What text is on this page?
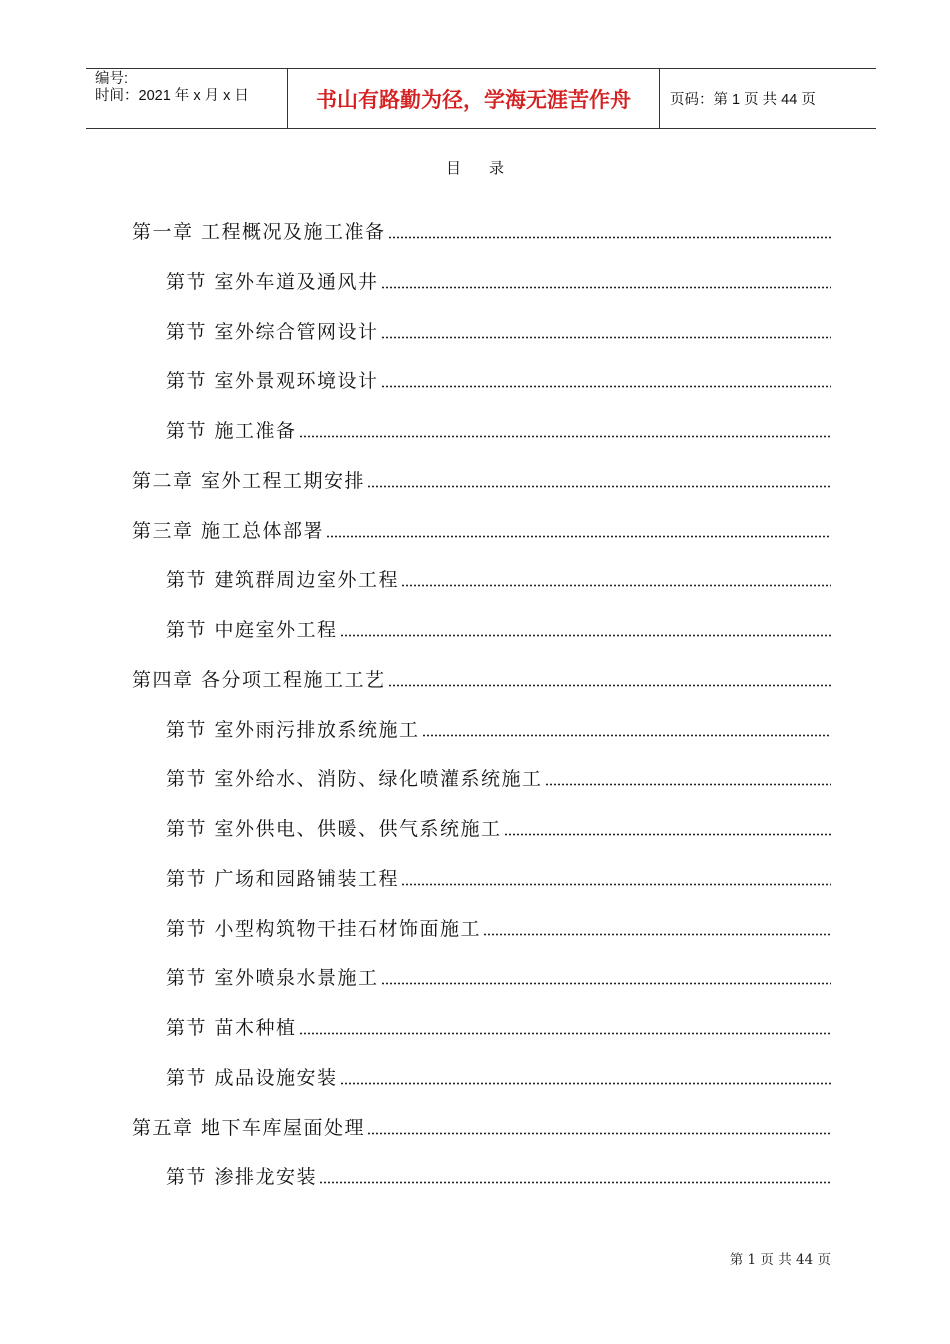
编号:
时间：2021 年 x 月 x 日	书山有路勤为径，学海无涯苦作舟	页码：第 1 页 共 44 页
目录
第一章 工程概况及施工准备
第节 室外车道及通风井
第节 室外综合管网设计
第节 室外景观环境设计
第节 施工准备
第二章 室外工程工期安排
第三章 施工总体部署
第节 建筑群周边室外工程
第节 中庭室外工程
第四章 各分项工程施工工艺
第节 室外雨污排放系统施工
第节 室外给水、消防、绿化喷灌系统施工
第节 室外供电、供暖、供气系统施工
第节 广场和园路铺装工程
第节 小型构筑物干挂石材饰面施工
第节 室外喷泉水景施工
第节 苗木种植
第节 成品设施安装
第五章 地下车库屋面处理
第节 渗排龙安装
第 1 页 共 44 页
